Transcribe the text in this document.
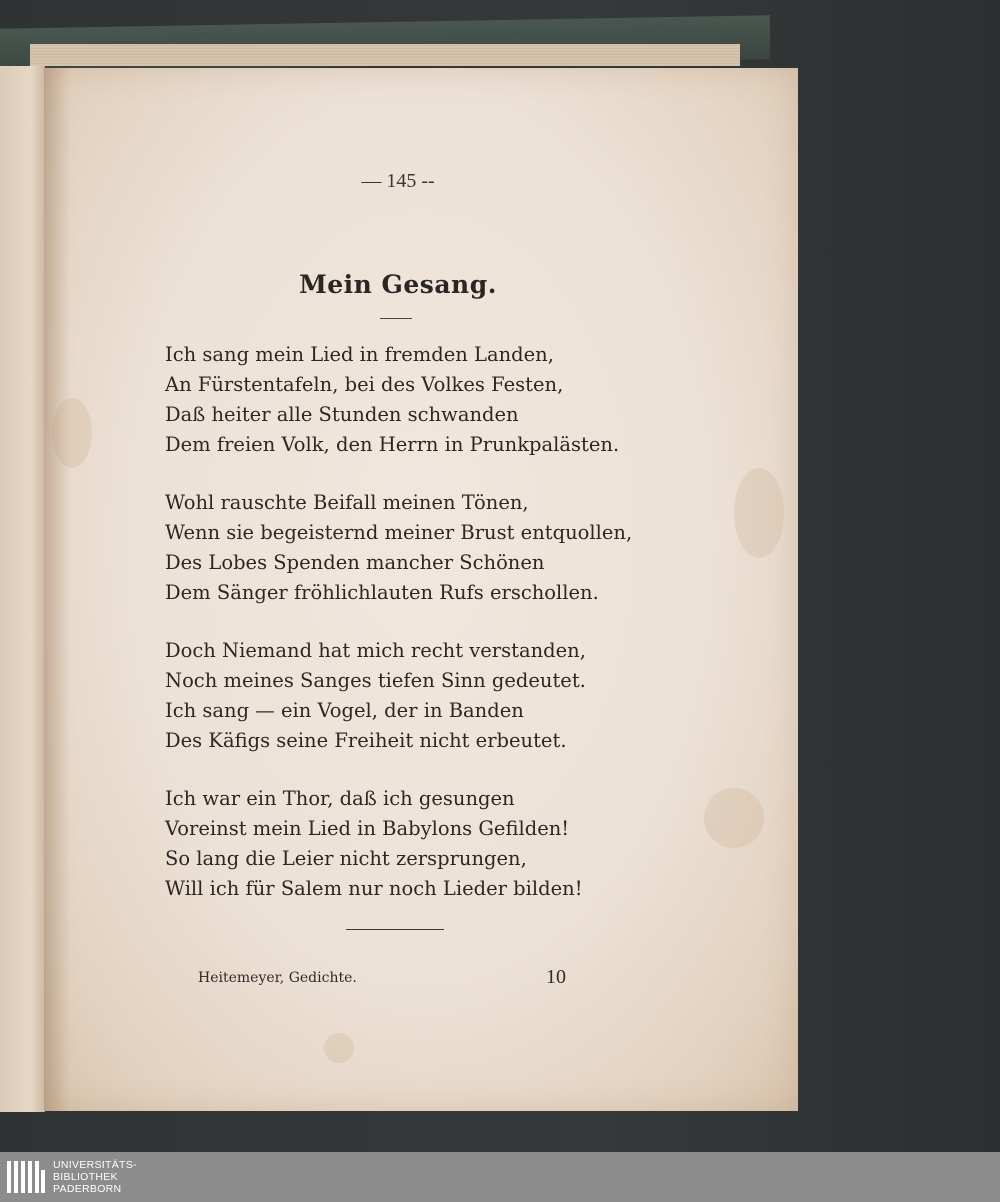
— 145 --
Mein Gesang.
Ich sang mein Lied in fremden Landen,
An Fürstentafeln, bei des Volkes Festen,
Daß heiter alle Stunden schwanden
Dem freien Volk, den Herrn in Prunkpalästen.
Wohl rauschte Beifall meinen Tönen,
Wenn sie begeisternd meiner Brust entquollen,
Des Lobes Spenden mancher Schönen
Dem Sänger fröhlichlauten Rufs erschollen.
Doch Niemand hat mich recht verstanden,
Noch meines Sanges tiefen Sinn gedeutet.
Ich sang — ein Vogel, der in Banden
Des Käfigs seine Freiheit nicht erbeutet.
Ich war ein Thor, daß ich gesungen
Voreinst mein Lied in Babylons Gefilden!
So lang die Leier nicht zersprungen,
Will ich für Salem nur noch Lieder bilden!
Heitemeyer, Gedichte.	10
UNIVERSITÄTS-
BIBLIOTHEK
PADERBORN
